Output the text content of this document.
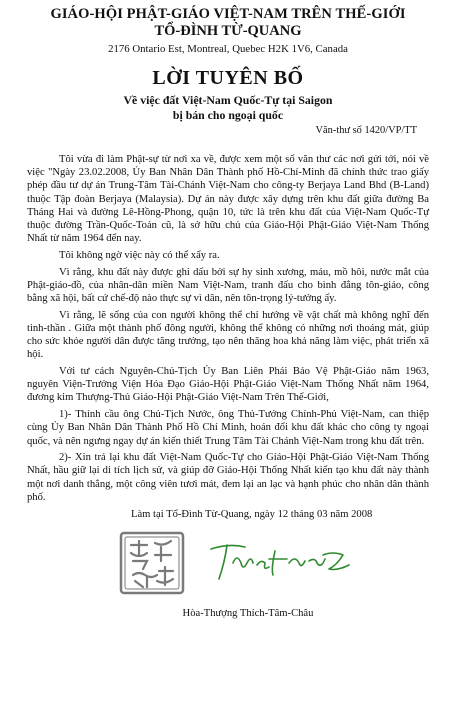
GIÁO-HỘI PHẬT-GIÁO VIỆT-NAM TRÊN THẾ-GIỚI
TỔ-ĐÌNH TỪ-QUANG
2176 Ontario Est, Montreal, Quebec H2K 1V6, Canada
LỜI TUYÊN BỐ
Về việc đất Việt-Nam Quốc-Tự tại Saigon
bị bán cho ngoại quốc
Văn-thư số 1420/VP/TT

Tôi vừa đi làm Phật-sự từ nơi xa về, được xem một số văn thư các nơi gửi tới, nói về việc "Ngày 23.02.2008, Ủy Ban Nhân Dân Thành phố Hồ-Chí-Minh đã chính thức trao giấy phép đầu tư dự án Trung-Tâm Tài-Chánh Việt-Nam cho công-ty Berjaya Land Bhd (B-Land) thuộc Tập đoàn Berjaya (Malaysia). Dự án này được xây dựng trên khu đất giữa đường Ba Tháng Hai và đường Lê-Hồng-Phong, quận 10, tức là trên khu đất của Việt-Nam Quốc-Tự thuộc đường Trần-Quốc-Toản cũ, là sở hữu chủ của Giáo-Hội Phật-Giáo Việt-Nam Thống Nhất từ năm 1964 đến nay.

Tôi không ngờ việc này có thể xẩy ra.

Vì rằng, khu đất này được ghi dấu bởi sự hy sinh xương, máu, mồ hôi, nước mắt của Phật-giáo-đồ, của nhân-dân miền Nam Việt-Nam, tranh đấu cho bình đẳng tôn-giáo, công bằng xã hội, bất cứ chế-độ nào thực sự vì dân, nên tôn-trọng lý-tưởng ấy.

Vì rằng, lẽ sống của con người không thể chỉ hướng về vật chất mà không nghĩ đến tinh-thần . Giữa một thành phố đông người, không thể không có những nơi thoáng mát, giúp cho sức khỏe người dân được tăng trưởng, tạo nên thăng hoa khả năng làm việc, phát triển xã hội.

Với tư cách Nguyên-Chủ-Tịch Ủy Ban Liên Phái Bảo Vệ Phật-Giáo năm 1963, nguyên Viện-Trưởng Viện Hóa Đạo Giáo-Hội Phật-Giáo Việt-Nam Thống Nhất năm 1964, đương kim Thượng-Thủ Giáo-Hội Phật-Giáo Việt-Nam Trên Thế-Giới,

1)- Thỉnh cầu ông Chủ-Tịch Nước, ông Thủ-Tướng Chính-Phủ Việt-Nam, can thiệp cùng Ủy Ban Nhân Dân Thành Phố Hồ Chí Minh, hoán đổi khu đất khác cho công ty ngoại quốc, và nên ngưng ngay dự án kiến thiết Trung Tâm Tài Chánh Việt-Nam trong khu đất trên.

2)- Xin trả lại khu đất Việt-Nam Quốc-Tự cho Giáo-Hội Phật-Giáo Việt-Nam Thống Nhất, hầu giữ lại di tích lịch sử, và giúp đỡ Giáo-Hội Thống Nhất kiến tạo khu đất này thành một nơi danh thắng, một công viên tươi mát, đem lại an lạc và hạnh phúc cho nhân dân thành phố.

Làm tại Tổ-Đình Từ-Quang, ngày 12 tháng 03 năm 2008
Hòa-Thượng Thích-Tâm-Châu
